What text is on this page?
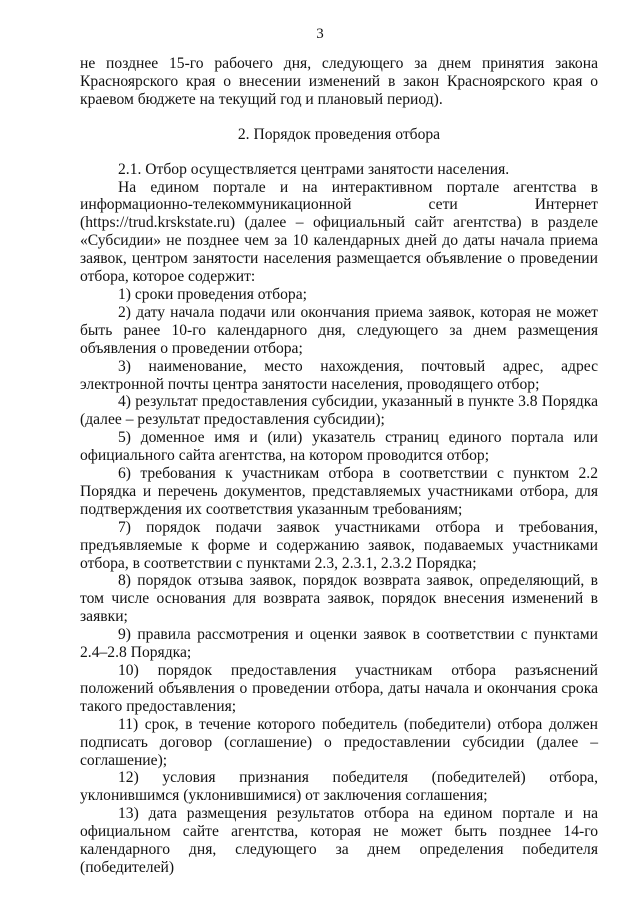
3

не позднее 15-го рабочего дня, следующего за днем принятия закона Красноярского края о внесении изменений в закон Красноярского края о краевом бюджете на текущий год и плановый период).

2. Порядок проведения отбора

2.1. Отбор осуществляется центрами занятости населения.

На едином портале и на интерактивном портале агентства в информационно-телекоммуникационной сети Интернет (https://trud.krskstate.ru) (далее – официальный сайт агентства) в разделе «Субсидии» не позднее чем за 10 календарных дней до даты начала приема заявок, центром занятости населения размещается объявление о проведении отбора, которое содержит:

1) сроки проведения отбора;

2) дату начала подачи или окончания приема заявок, которая не может быть ранее 10-го календарного дня, следующего за днем размещения объявления о проведении отбора;

3) наименование, место нахождения, почтовый адрес, адрес электронной почты центра занятости населения, проводящего отбор;

4) результат предоставления субсидии, указанный в пункте 3.8 Порядка (далее – результат предоставления субсидии);

5) доменное имя и (или) указатель страниц единого портала или официального сайта агентства, на котором проводится отбор;

6) требования к участникам отбора в соответствии с пунктом 2.2 Порядка и перечень документов, представляемых участниками отбора, для подтверждения их соответствия указанным требованиям;

7) порядок подачи заявок участниками отбора и требования, предъявляемые к форме и содержанию заявок, подаваемых участниками отбора, в соответствии с пунктами 2.3, 2.3.1, 2.3.2 Порядка;

8) порядок отзыва заявок, порядок возврата заявок, определяющий, в том числе основания для возврата заявок, порядок внесения изменений в заявки;

9) правила рассмотрения и оценки заявок в соответствии с пунктами 2.4–2.8 Порядка;

10) порядок предоставления участникам отбора разъяснений положений объявления о проведении отбора, даты начала и окончания срока такого предоставления;

11) срок, в течение которого победитель (победители) отбора должен подписать договор (соглашение) о предоставлении субсидии (далее – соглашение);

12) условия признания победителя (победителей) отбора, уклонившимся (уклонившимися) от заключения соглашения;

13) дата размещения результатов отбора на едином портале и на официальном сайте агентства, которая не может быть позднее 14-го календарного дня, следующего за днем определения победителя (победителей)
